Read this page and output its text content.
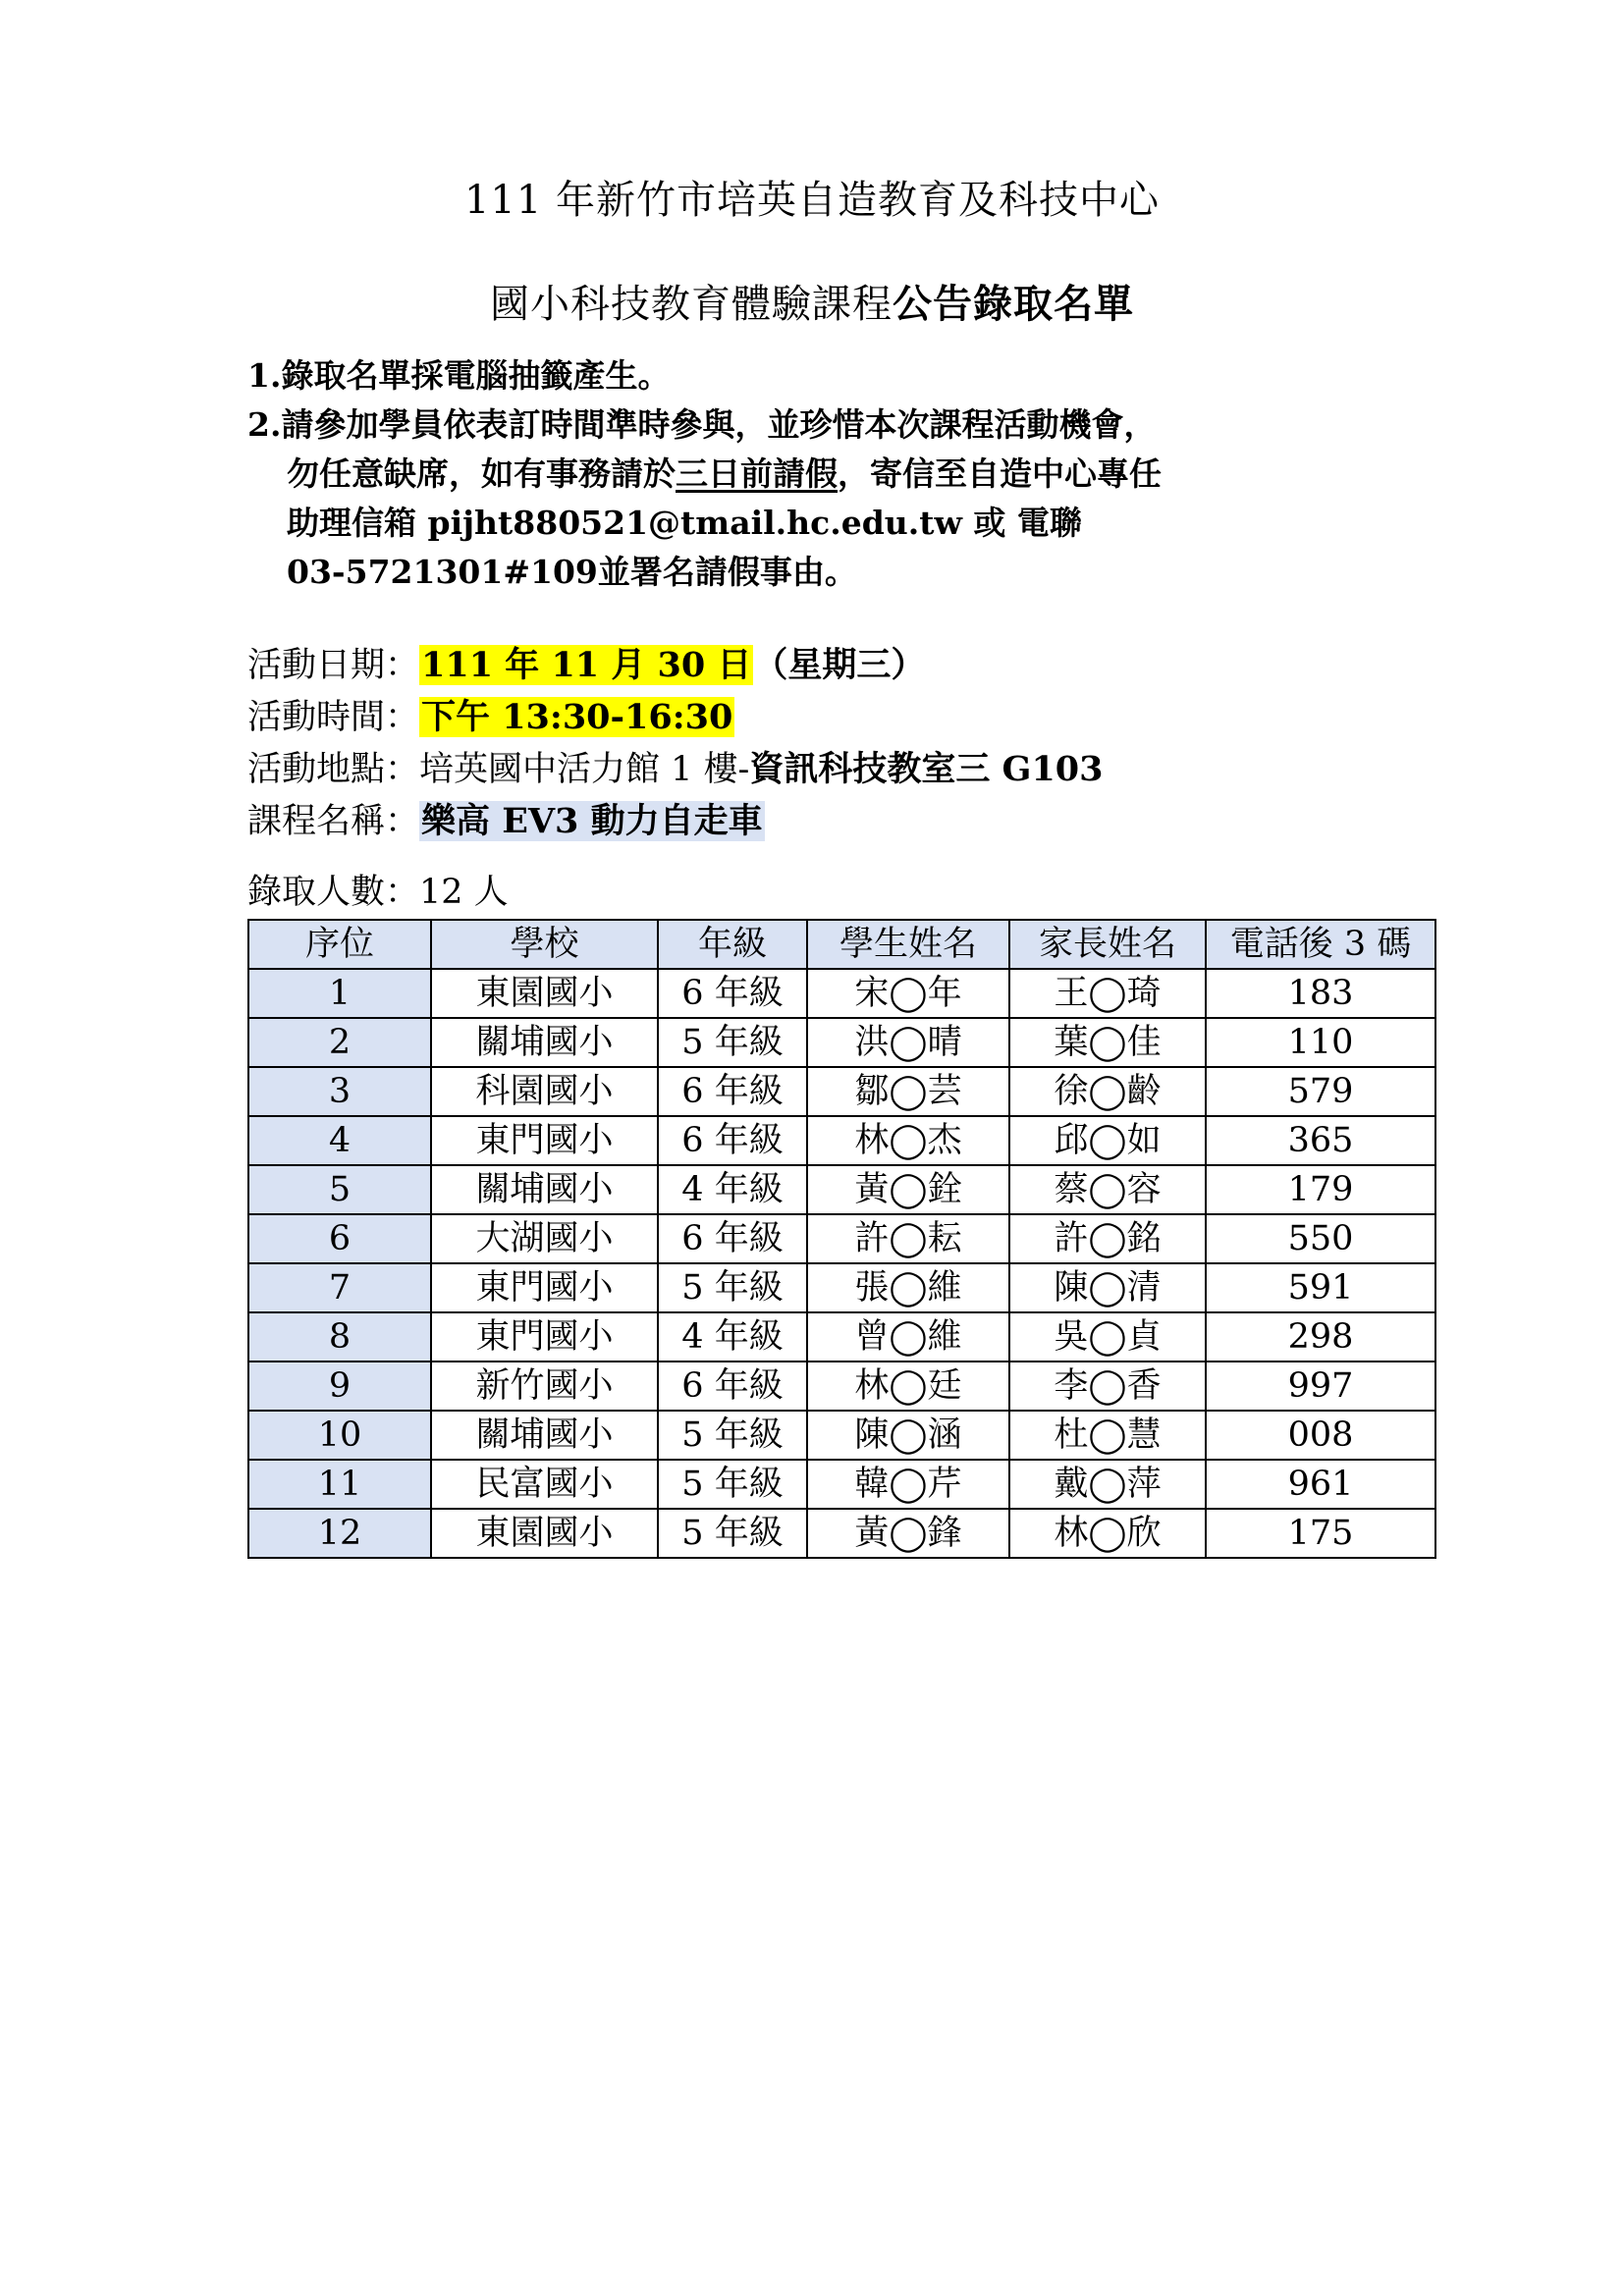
111 年新竹市培英自造教育及科技中心
國小科技教育體驗課程公告錄取名單
1.錄取名單採電腦抽籤產生。
2.請參加學員依表訂時間準時參與，並珍惜本次課程活動機會，
勿任意缺席，如有事務請於三日前請假，寄信至自造中心專任
助理信箱 pijht880521@tmail.hc.edu.tw 或 電聯
03-5721301#109並署名請假事由。
活動日期：111 年 11 月 30 日（星期三）
活動時間：下午 13:30-16:30
活動地點：培英國中活力館 1 樓-資訊科技教室三 G103
課程名稱：樂高 EV3 動力自走車
錄取人數：12 人
序位	學校	年級	學生姓名	家長姓名	電話後 3 碼
1	東園國小	6 年級	宋◯年	王◯琦	183
2	關埔國小	5 年級	洪◯晴	葉◯佳	110
3	科園國小	6 年級	鄒◯芸	徐◯齡	579
4	東門國小	6 年級	林◯杰	邱◯如	365
5	關埔國小	4 年級	黃◯銓	蔡◯容	179
6	大湖國小	6 年級	許◯耘	許◯銘	550
7	東門國小	5 年級	張◯維	陳◯清	591
8	東門國小	4 年級	曾◯維	吳◯貞	298
9	新竹國小	6 年級	林◯廷	李◯香	997
10	關埔國小	5 年級	陳◯涵	杜◯慧	008
11	民富國小	5 年級	韓◯芹	戴◯萍	961
12	東園國小	5 年級	黃◯鋒	林◯欣	175
